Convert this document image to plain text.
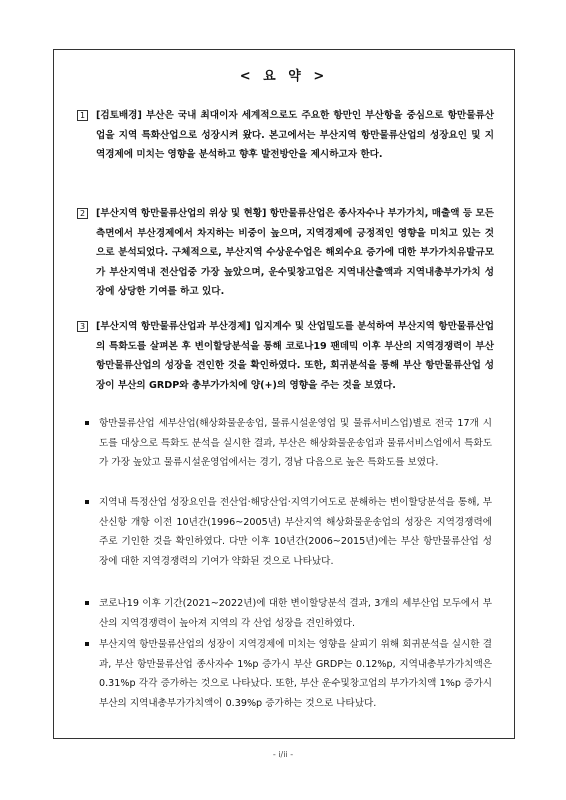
< 요 약 >
1	[검토배경] 부산은 국내 최대이자 세계적으로도 주요한 항만인 부산항을 중심으로 항만물류산업을 지역 특화산업으로 성장시켜 왔다. 본고에서는 부산지역 항만물류산업의 성장요인 및 지역경제에 미치는 영향을 분석하고 향후 발전방안을 제시하고자 한다.
2	[부산지역 항만물류산업의 위상 및 현황] 항만물류산업은 종사자수나 부가가치, 매출액 등 모든 측면에서 부산경제에서 차지하는 비중이 높으며, 지역경제에 긍정적인 영향을 미치고 있는 것으로 분석되었다. 구체적으로, 부산지역 수상운수업은 해외수요 증가에 대한 부가가치유발규모가 부산지역내 전산업중 가장 높았으며, 운수및창고업은 지역내산출액과 지역내총부가가치 성장에 상당한 기여를 하고 있다.
3	[부산지역 항만물류산업과 부산경제] 입지계수 및 산업밀도를 분석하여 부산지역 항만물류산업의 특화도를 살펴본 후 변이할당분석을 통해 코로나19 팬데믹 이후 부산의 지역경쟁력이 부산 항만물류산업의 성장을 견인한 것을 확인하였다. 또한, 회귀분석을 통해 부산 항만물류산업 성장이 부산의 GRDP와 총부가가치에 양(+)의 영향을 주는 것을 보였다.
항만물류산업 세부산업(해상화물운송업, 물류시설운영업 및 물류서비스업)별로 전국 17개 시도를 대상으로 특화도 분석을 실시한 결과, 부산은 해상화물운송업과 물류서비스업에서 특화도가 가장 높았고 물류시설운영업에서는 경기, 경남 다음으로 높은 특화도를 보였다.
지역내 특정산업 성장요인을 전산업·해당산업·지역기여도로 분해하는 변이할당분석을 통해, 부산신항 개항 이전 10년간(1996~2005년) 부산지역 해상화물운송업의 성장은 지역경쟁력에 주로 기인한 것을 확인하였다. 다만 이후 10년간(2006~2015년)에는 부산 항만물류산업 성장에 대한 지역경쟁력의 기여가 약화된 것으로 나타났다.
코로나19 이후 기간(2021~2022년)에 대한 변이할당분석 결과, 3개의 세부산업 모두에서 부산의 지역경쟁력이 높아져 지역의 각 산업 성장을 견인하였다.
부산지역 항만물류산업의 성장이 지역경제에 미치는 영향을 살피기 위해 회귀분석을 실시한 결과, 부산 항만물류산업 종사자수 1%p 증가시 부산 GRDP는 0.12%p, 지역내총부가가치액은 0.31%p 각각 증가하는 것으로 나타났다. 또한, 부산 운수및창고업의 부가가치액 1%p 증가시 부산의 지역내총부가가치액이 0.39%p 증가하는 것으로 나타났다.
- i/ii -
